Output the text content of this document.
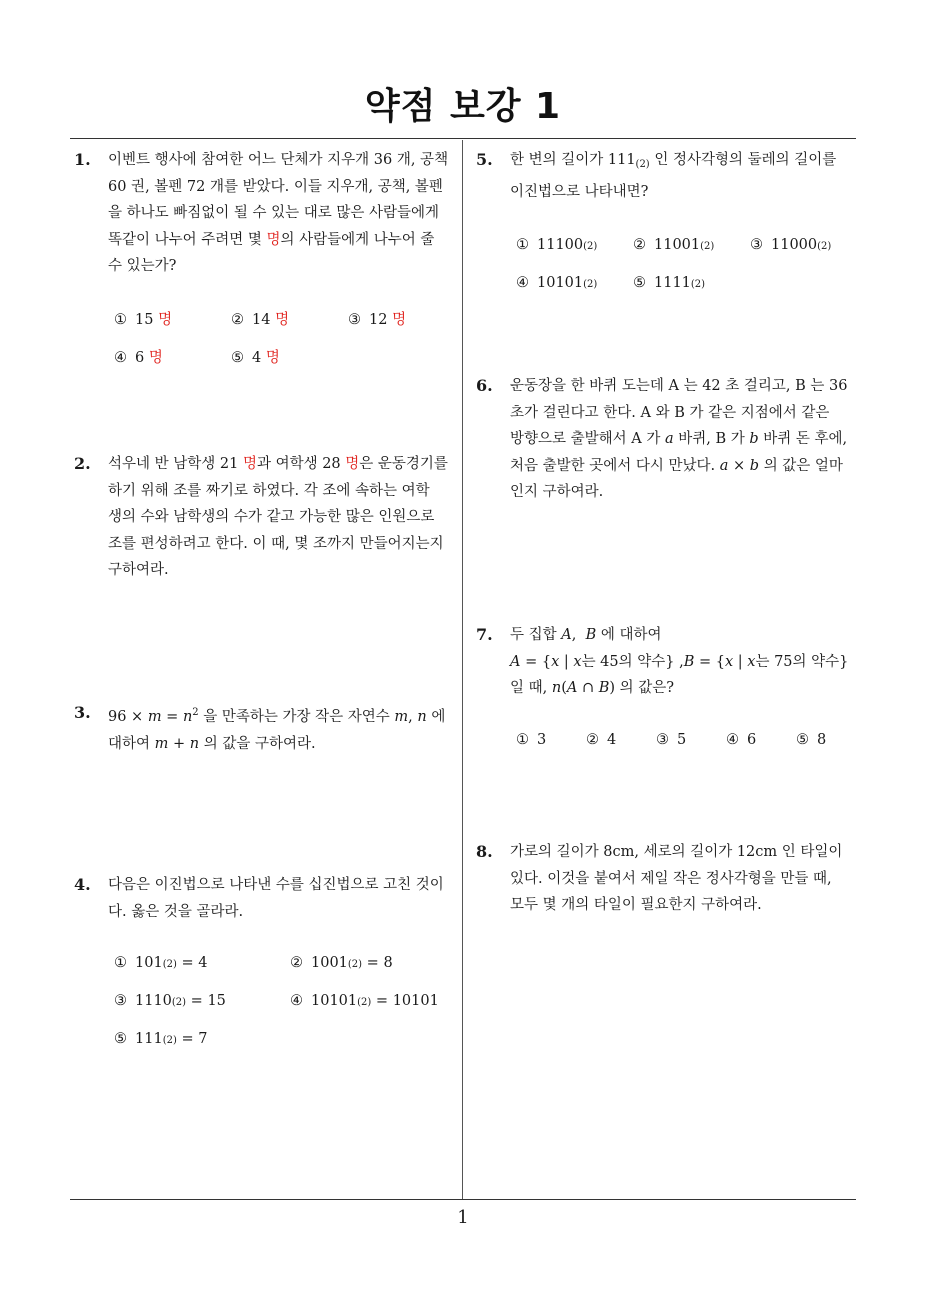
약점 보강 1
1
1. 이벤트 행사에 참여한 어느 단체가 지우개 36 개, 공책
60 권, 볼펜 72 개를 받았다. 이들 지우개, 공책, 볼펜
을 하나도 빠짐없이 될 수 있는 대로 많은 사람들에게
똑같이 나누어 주려면 몇 명의 사람들에게 나누어 줄
수 있는가?
① 15
명	② 14
명	③ 12
명
④ 6
명	⑤ 4
명
2. 석우네 반 남학생 21 명과 여학생 28 명은 운동경기를
하기 위해 조를 짜기로 하였다. 각 조에 속하는 여학
생의 수와 남학생의 수가 같고 가능한 많은 인원으로
조를 편성하려고 한다. 이 때, 몇 조까지 만들어지는지
구하여라.
3. $96 \times m = n^2$ 을 만족하는 가장 작은 자연수 m, n 에
대하여 m + n 의 값을 구하여라.
4. 다음은 이진법으로 나타낸 수를 십진법으로 고친 것이
다. 옳은 것을 골라라.
① 101 (2) = 4	② 1001 (2) = 8
③ 1110 (2) = 15	④ 10101 (2) = 10101
⑤ 111 (2) = 7
5. 한 변의 길이가 $111_{(2)}$ 인 정사각형의 둘레의 길이를
이진법으로 나타내면?
① 11100 (2) ② 11001 (2) ③ 11000 (2)
④ 10101 (2) ⑤ 1111 (2)
6. 운동장을 한 바퀴 도는데 A 는 42 초 걸리고, B 는 36
초가 걸린다고 한다. A 와 B 가 같은 지점에서 같은
방향으로 출발해서 A 가 a 바퀴, B 가 b 바퀴 돈 후에,
처음 출발한 곳에서 다시 만났다. a × b 의 값은 얼마
인지 구하여라.
7. 두 집합 A,  B 에 대하여
A = {x | x는 45의 약수} ,B = {x | x는 75의 약수}
일 때, n(A ∩ B) 의 값은?
① 3	② 4	③ 5	④ 6	⑤ 8
8. 가로의 길이가 8cm, 세로의 길이가 12cm 인 타일이
있다. 이것을 붙여서 제일 작은 정사각형을 만들 때,
모두 몇 개의 타일이 필요한지 구하여라.
